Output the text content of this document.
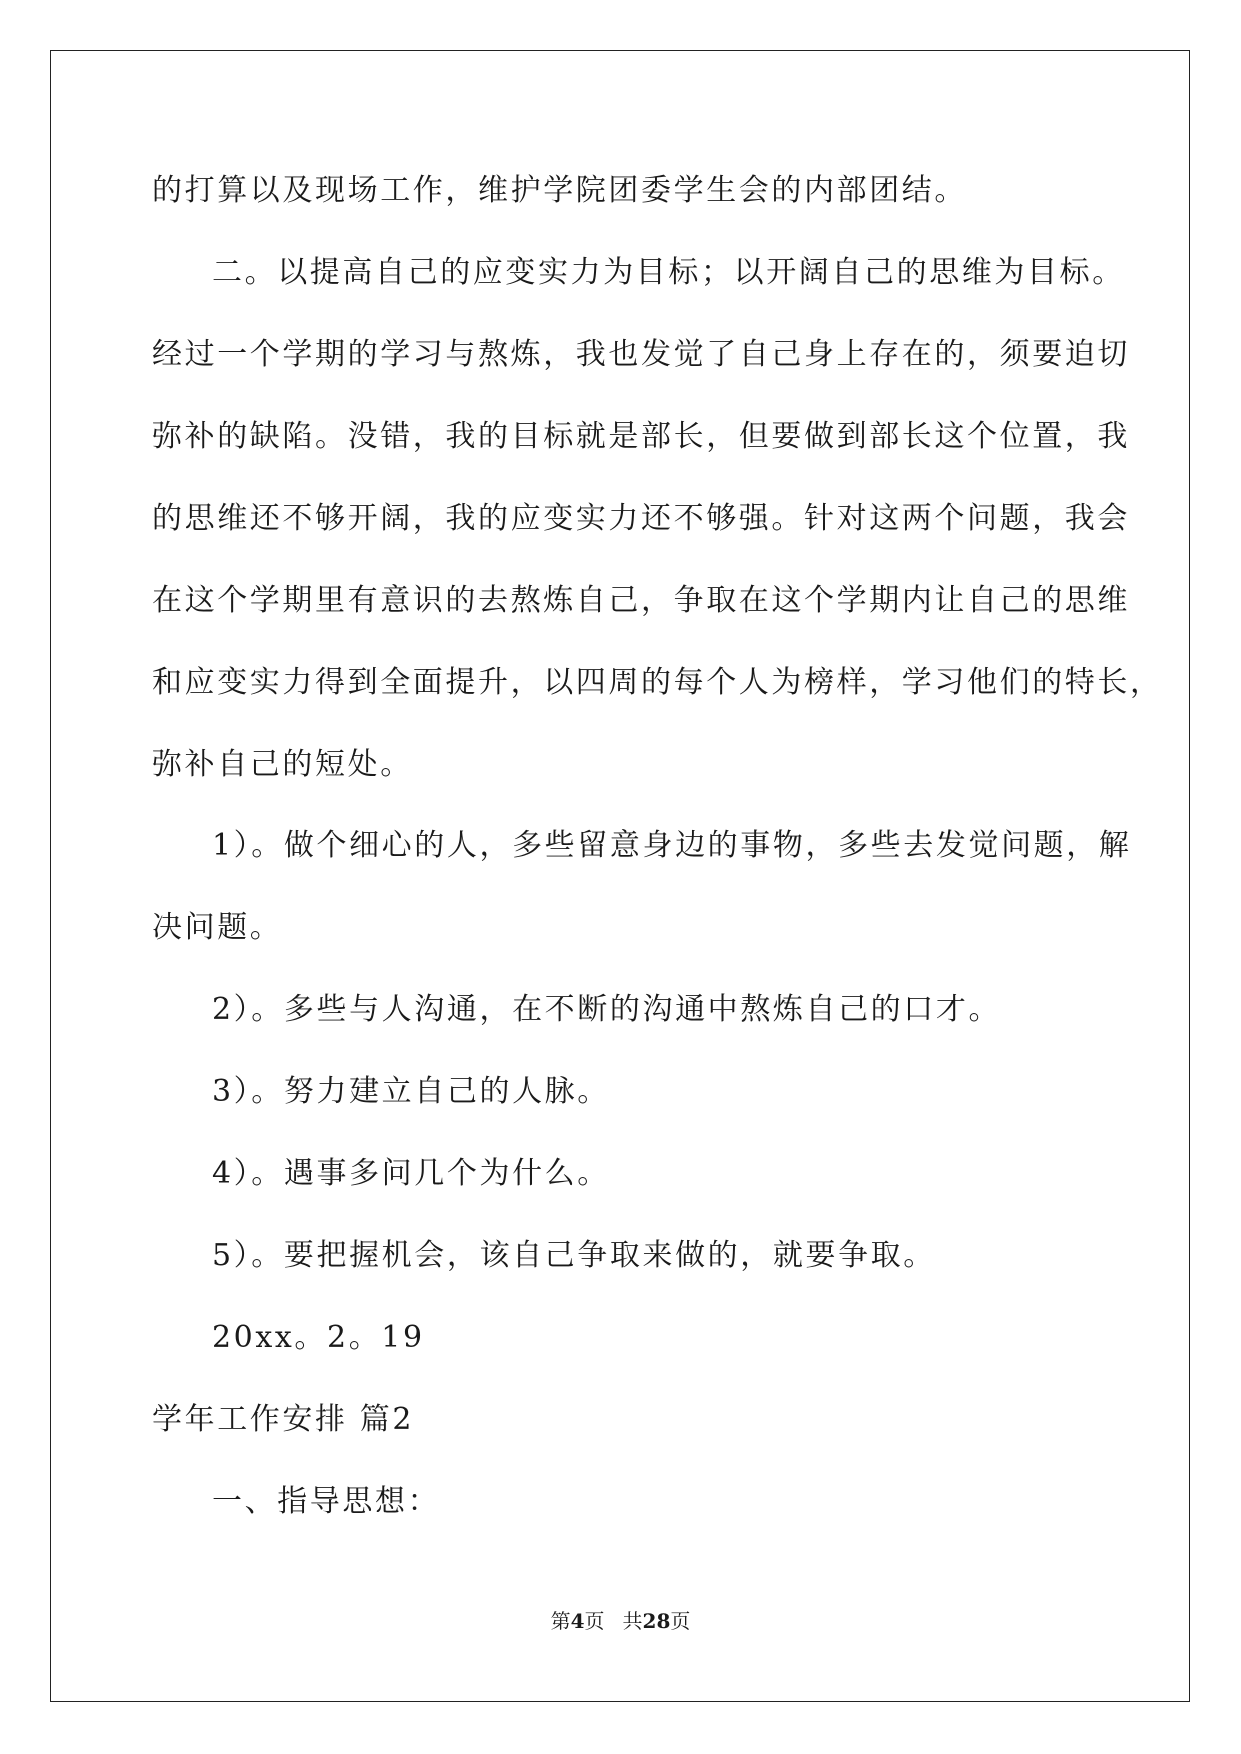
的打算以及现场工作，维护学院团委学生会的内部团结。
二。以提高自己的应变实力为目标；以开阔自己的思维为目标。
经过一个学期的学习与熬炼，我也发觉了自己身上存在的，须要迫切
弥补的缺陷。没错，我的目标就是部长，但要做到部长这个位置，我
的思维还不够开阔，我的应变实力还不够强。针对这两个问题，我会
在这个学期里有意识的去熬炼自己，争取在这个学期内让自己的思维
和应变实力得到全面提升，以四周的每个人为榜样，学习他们的特长，
弥补自己的短处。
1）。做个细心的人，多些留意身边的事物，多些去发觉问题，解
决问题。
2）。多些与人沟通，在不断的沟通中熬炼自己的口才。
3）。努力建立自己的人脉。
4）。遇事多问几个为什么。
5）。要把握机会，该自己争取来做的，就要争取。
20xx。2。19
学年工作安排 篇2
一、指导思想：
第4页 共28页
